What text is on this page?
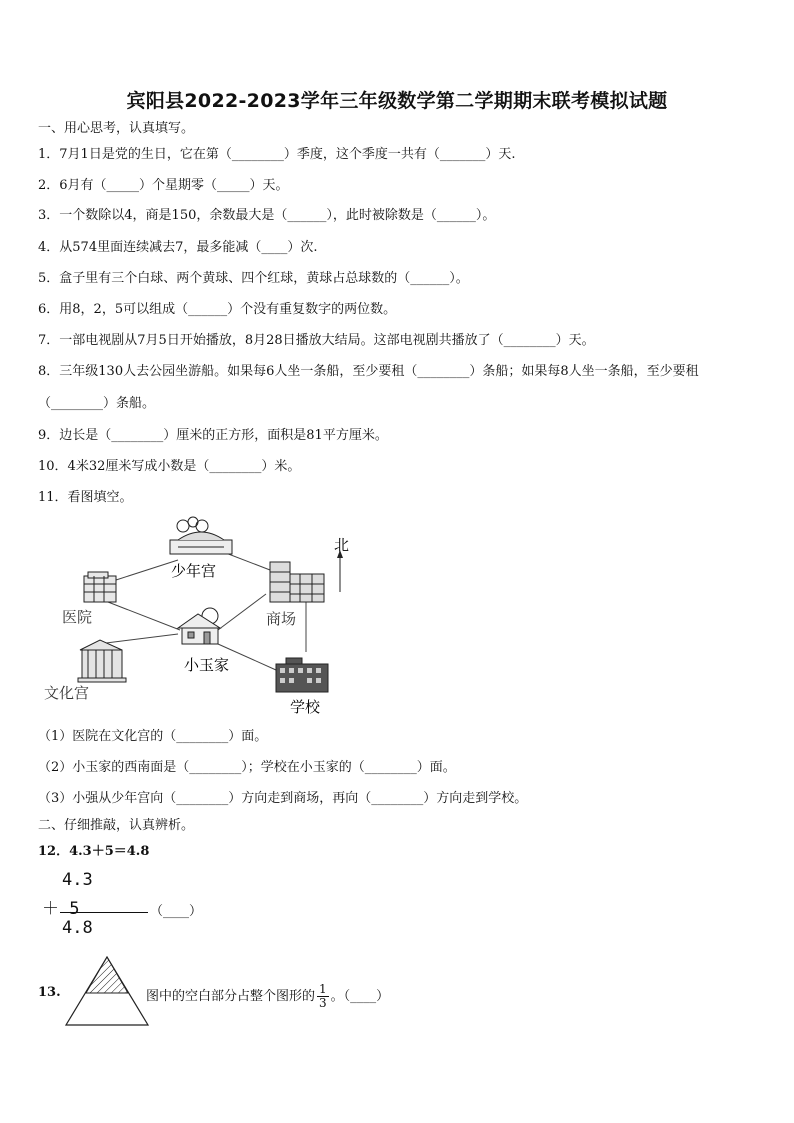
宾阳县2022-2023学年三年级数学第二学期期末联考模拟试题
一、用心思考，认真填写。
1．7月1日是党的生日，它在第（________）季度，这个季度一共有（_______）天.
2．6月有（_____）个星期零（_____）天。
3．一个数除以4，商是150，余数最大是（______），此时被除数是（______）。
4．从574里面连续减去7，最多能减（____）次.
5．盒子里有三个白球、两个黄球、四个红球，黄球占总球数的（______）。
6．用8，2，5可以组成（______）个没有重复数字的两位数。
7．一部电视剧从7月5日开始播放，8月28日播放大结局。这部电视剧共播放了（________）天。
8．三年级130人去公园坐游船。如果每6人坐一条船，至少要租（________）条船；如果每8人坐一条船，至少要租
（________）条船。
9．边长是（________）厘米的正方形，面积是81平方厘米。
10．4米32厘米写成小数是（________）米。
11．看图填空。
北
少年宫
医院	商场
小玉家
文化宫
学校
（1）医院在文化宫的（________）面。
（2）小玉家的西南面是（________）；学校在小玉家的（________）面。
（3）小强从少年宫向（________）方向走到商场，再向（________）方向走到学校。
二、仔细推敲，认真辨析。
12．4.3＋5＝4.8
4.3
＋ 5
4.8
（____）
13.	图中的空白部分占整个图形的 $\frac{1}{3}$ 。（____）
